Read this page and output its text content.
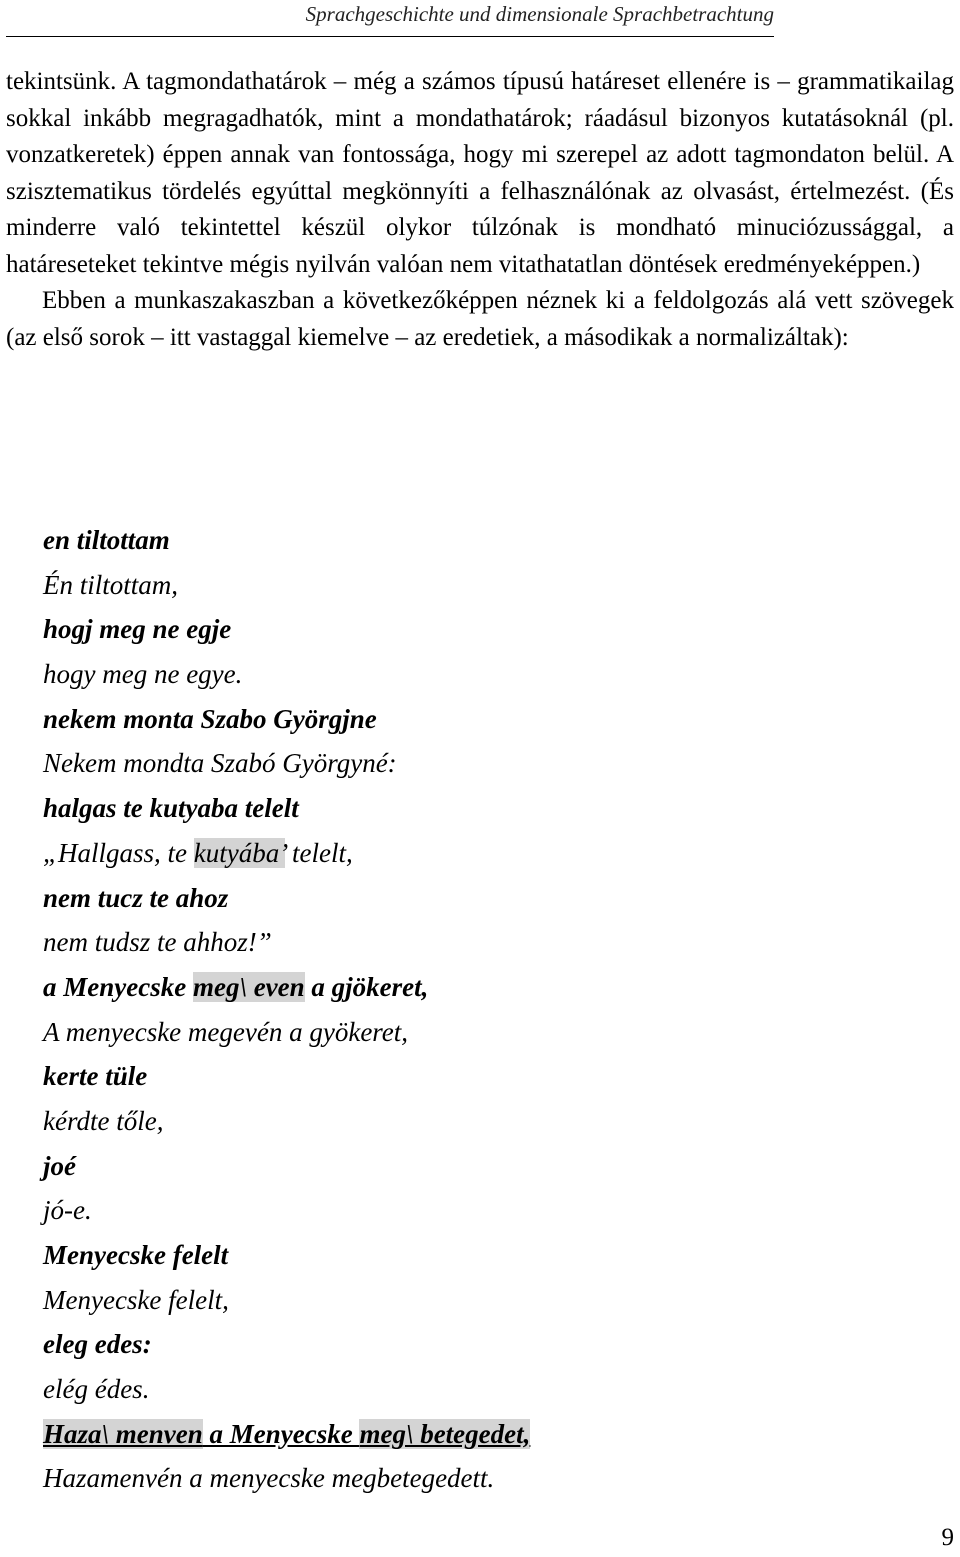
Sprachgeschichte und dimensionale Sprachbetrachtung

tekintsünk. A tagmondathatárok – még a számos típusú határeset ellenére is – grammatikailag sokkal inkább megragadhatók, mint a mondathatárok; ráadásul bizonyos kutatásoknál (pl. vonzatkeretek) éppen annak van fontossága, hogy mi szerepel az adott tagmondaton belül. A szisztematikus tördelés egyúttal megkönnyíti a felhasználónak az olvasást, értelmezést. (És minderre való tekintettel készül olykor túlzónak is mondható minuciózussággal, a határeseteket tekintve mégis nyilván valóan nem vitathatatlan döntések eredményeképpen.)

Ebben a munkaszakaszban a következőképpen néznek ki a feldolgozás alá vett szövegek (az első sorok – itt vastaggal kiemelve – az eredetiek, a másodikak a normalizáltak):

en tiltottam
Én tiltottam,
hogj meg ne egje
hogy meg ne egye.
nekem monta Szabo Györgjne
Nekem mondta Szabó Györgyné:
halgas te kutyaba telelt
„Hallgass, te kutyába’ telelt,
nem tucz te ahoz
nem tudsz te ahhoz!”
a Menyecske meg\ even a gjökeret,
A menyecske megevén a gyökeret,
kerte tüle
kérdte tőle,
joé
jó-e.
Menyecske felelt
Menyecske felelt,
eleg edes:
elég édes.
Haza\ menven a Menyecske meg\ betegedet,
Hazamenvén a menyecske megbetegedett.
9
